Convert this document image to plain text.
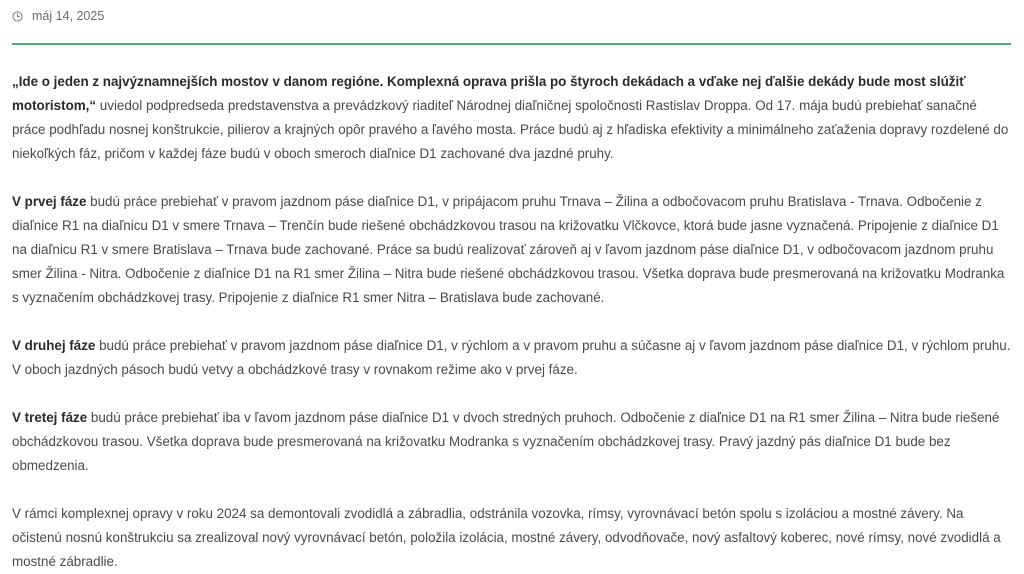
máj 14, 2025

„Ide o jeden z najvýznamnejších mostov v danom regióne. Komplexná oprava prišla po štyroch dekádach a vďake nej ďalšie dekády bude most slúžiť motoristom,“ uviedol podpredseda predstavenstva a prevádzkový riaditeľ Národnej diaľničnej spoločnosti Rastislav Droppa. Od 17. mája budú prebiehať sanačné práce podhľadu nosnej konštrukcie, pilierov a krajných opôr pravého a ľavého mosta. Práce budú aj z hľadiska efektivity a minimálneho zaťaženia dopravy rozdelené do niekoľkých fáz, pričom v každej fáze budú v oboch smeroch diaľnice D1 zachované dva jazdné pruhy.

V prvej fáze budú práce prebiehať v pravom jazdnom páse diaľnice D1, v pripájacom pruhu Trnava – Žilina a odbočovacom pruhu Bratislava - Trnava. Odbočenie z diaľnice R1 na diaľnicu D1 v smere Trnava – Trenčín bude riešené obchádzkovou trasou na križovatku Vlčkovce, ktorá bude jasne vyznačená. Pripojenie z diaľnice D1 na diaľnicu R1 v smere Bratislava – Trnava bude zachované. Práce sa budú realizovať zároveň aj v ľavom jazdnom páse diaľnice D1, v odbočovacom jazdnom pruhu smer Žilina - Nitra. Odbočenie z diaľnice D1 na R1 smer Žilina – Nitra bude riešené obchádzkovou trasou. Všetka doprava bude presmerovaná na križovatku Modranka s vyznačením obchádzkovej trasy. Pripojenie z diaľnice R1 smer Nitra – Bratislava bude zachované.

V druhej fáze budú práce prebiehať v pravom jazdnom páse diaľnice D1, v rýchlom a v pravom pruhu a súčasne aj v ľavom jazdnom páse diaľnice D1, v rýchlom pruhu. V oboch jazdných pásoch budú vetvy a obchádzkové trasy v rovnakom režime ako v prvej fáze.

V tretej fáze budú práce prebiehať iba v ľavom jazdnom páse diaľnice D1 v dvoch stredných pruhoch. Odbočenie z diaľnice D1 na R1 smer Žilina – Nitra bude riešené obchádzkovou trasou. Všetka doprava bude presmerovaná na križovatku Modranka s vyznačením obchádzkovej trasy. Pravý jazdný pás diaľnice D1 bude bez obmedzenia.

V rámci komplexnej opravy v roku 2024 sa demontovali zvodidlá a zábradlia, odstránila vozovka, rímsy, vyrovnávací betón spolu s izoláciou a mostné závery. Na očistenú nosnú konštrukciu sa zrealizoval nový vyrovnávací betón, položila izolácia, mostné závery, odvodňovače, nový asfaltový koberec, nové rímsy, nové zvodidlá a mostné zábradlie.
